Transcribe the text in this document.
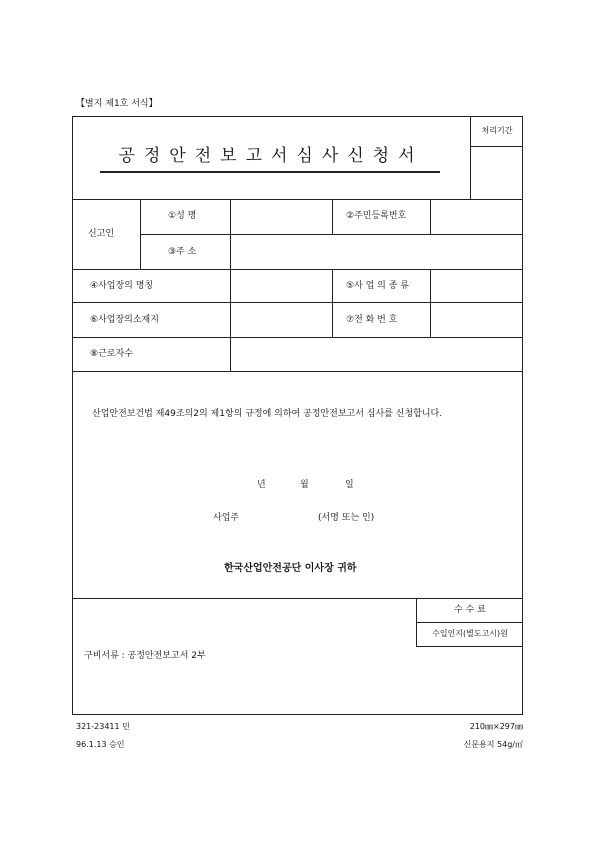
【별지 제1호 서식】
공정안전보고서심사신청서
처리기간
신고인
①성 명	②주민등록번호
③주 소
④사업장의 명칭	⑤사 업 의 종 류
⑥사업장의소재지	⑦전 화 번 호
⑧근로자수
산업안전보건법 제49조의2의 제1항의 규정에 의하여 공정안전보고서 심사를 신청합니다.
년	월	일
사업주	(서명 또는 인)
한국산업안전공단 이사장 귀하
수 수 료
수입인지(별도고시)원
구비서류 : 공정안전보고서 2부
321-23411 민
96.1.13 승인
210㎜×297㎜
신문용지 54g/㎡
